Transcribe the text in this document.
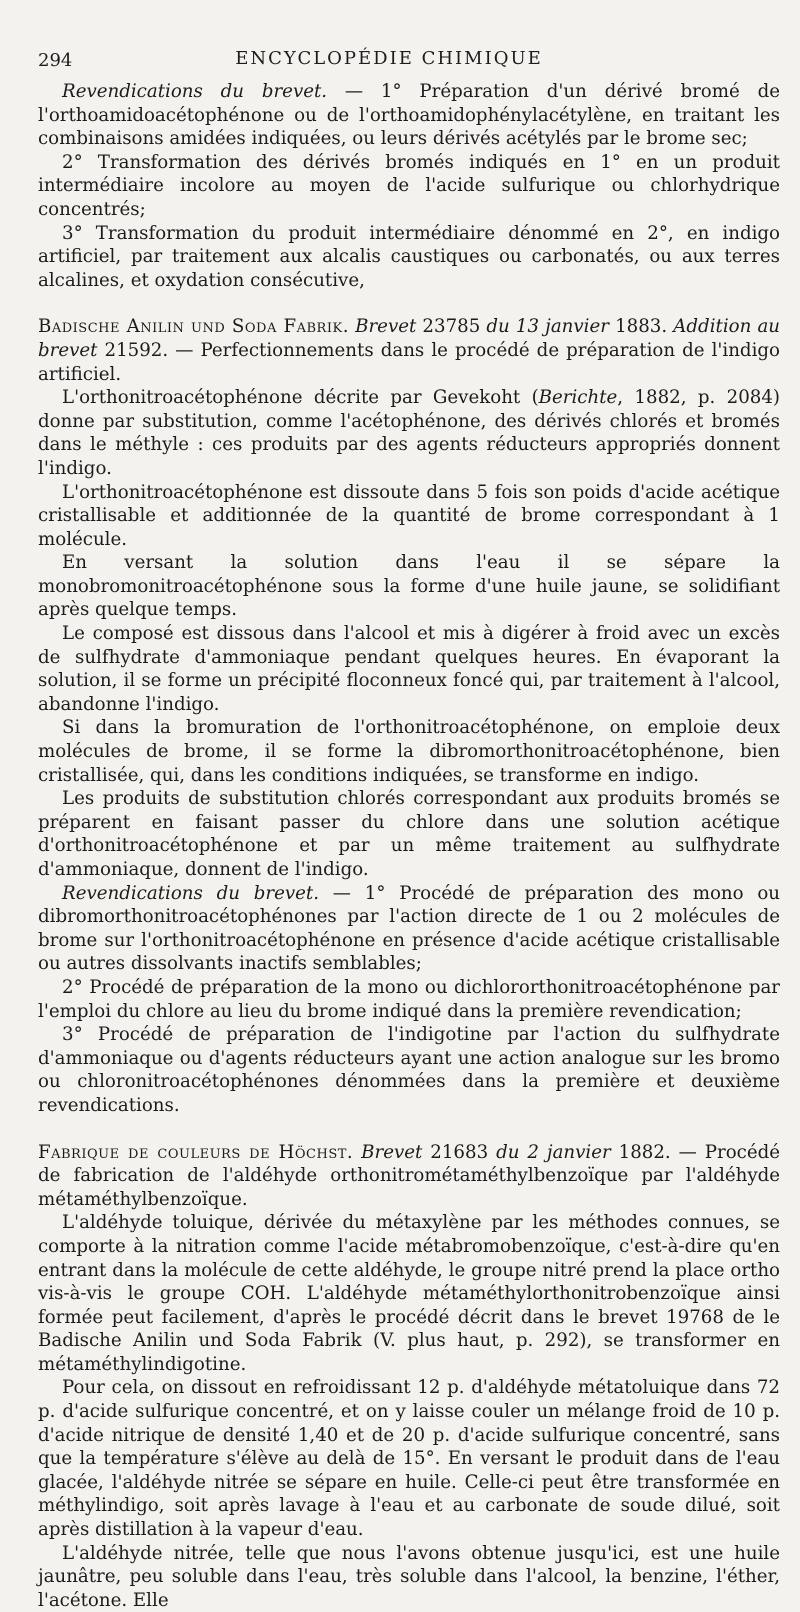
294	ENCYCLOPÉDIE CHIMIQUE

Revendications du brevet. — 1° Préparation d'un dérivé bromé de l'orthoamidoacétophénone ou de l'orthoamidophénylacétylène, en traitant les combinaisons amidées indiquées, ou leurs dérivés acétylés par le brome sec;

2° Transformation des dérivés bromés indiqués en 1° en un produit intermédiaire incolore au moyen de l'acide sulfurique ou chlorhydrique concentrés;

3° Transformation du produit intermédiaire dénommé en 2°, en indigo artificiel, par traitement aux alcalis caustiques ou carbonatés, ou aux terres alcalines, et oxydation consécutive,

Badische Anilin und Soda Fabrik. Brevet 23785 du 13 janvier 1883. Addition au brevet 21592. — Perfectionnements dans le procédé de préparation de l'indigo artificiel.

L'orthonitroacétophénone décrite par Gevekoht (Berichte, 1882, p. 2084) donne par substitution, comme l'acétophénone, des dérivés chlorés et bromés dans le méthyle : ces produits par des agents réducteurs appropriés donnent l'indigo.

L'orthonitroacétophénone est dissoute dans 5 fois son poids d'acide acétique cristallisable et additionnée de la quantité de brome correspondant à 1 molécule.

En versant la solution dans l'eau il se sépare la monobromonitroacétophénone sous la forme d'une huile jaune, se solidifiant après quelque temps.

Le composé est dissous dans l'alcool et mis à digérer à froid avec un excès de sulfhydrate d'ammoniaque pendant quelques heures. En évaporant la solution, il se forme un précipité floconneux foncé qui, par traitement à l'alcool, abandonne l'indigo.

Si dans la bromuration de l'orthonitroacétophénone, on emploie deux molécules de brome, il se forme la dibromorthonitroacétophénone, bien cristallisée, qui, dans les conditions indiquées, se transforme en indigo.

Les produits de substitution chlorés correspondant aux produits bromés se préparent en faisant passer du chlore dans une solution acétique d'orthonitroacétophénone et par un même traitement au sulfhydrate d'ammoniaque, donnent de l'indigo.

Revendications du brevet. — 1° Procédé de préparation des mono ou dibromorthonitroacétophénones par l'action directe de 1 ou 2 molécules de brome sur l'orthonitroacétophénone en présence d'acide acétique cristallisable ou autres dissolvants inactifs semblables;

2° Procédé de préparation de la mono ou dichlororthonitroacétophénone par l'emploi du chlore au lieu du brome indiqué dans la première revendication;

3° Procédé de préparation de l'indigotine par l'action du sulfhydrate d'ammoniaque ou d'agents réducteurs ayant une action analogue sur les bromo ou chloronitroacétophénones dénommées dans la première et deuxième revendications.

Fabrique de couleurs de Höchst. Brevet 21683 du 2 janvier 1882. — Procédé de fabrication de l'aldéhyde orthonitrométaméthylbenzoïque par l'aldéhyde métaméthylbenzoïque.

L'aldéhyde toluique, dérivée du métaxylène par les méthodes connues, se comporte à la nitration comme l'acide métabromobenzoïque, c'est-à-dire qu'en entrant dans la molécule de cette aldéhyde, le groupe nitré prend la place ortho vis-à-vis le groupe COH. L'aldéhyde métaméthylorthonitrobenzoïque ainsi formée peut facilement, d'après le procédé décrit dans le brevet 19768 de le Badische Anilin und Soda Fabrik (V. plus haut, p. 292), se transformer en métaméthylindigotine.

Pour cela, on dissout en refroidissant 12 p. d'aldéhyde métatoluique dans 72 p. d'acide sulfurique concentré, et on y laisse couler un mélange froid de 10 p. d'acide nitrique de densité 1,40 et de 20 p. d'acide sulfurique concentré, sans que la température s'élève au delà de 15°. En versant le produit dans de l'eau glacée, l'aldéhyde nitrée se sépare en huile. Celle-ci peut être transformée en méthylindigo, soit après lavage à l'eau et au carbonate de soude dilué, soit après distillation à la vapeur d'eau.

L'aldéhyde nitrée, telle que nous l'avons obtenue jusqu'ici, est une huile jaunâtre, peu soluble dans l'eau, très soluble dans l'alcool, la benzine, l'éther, l'acétone. Elle
